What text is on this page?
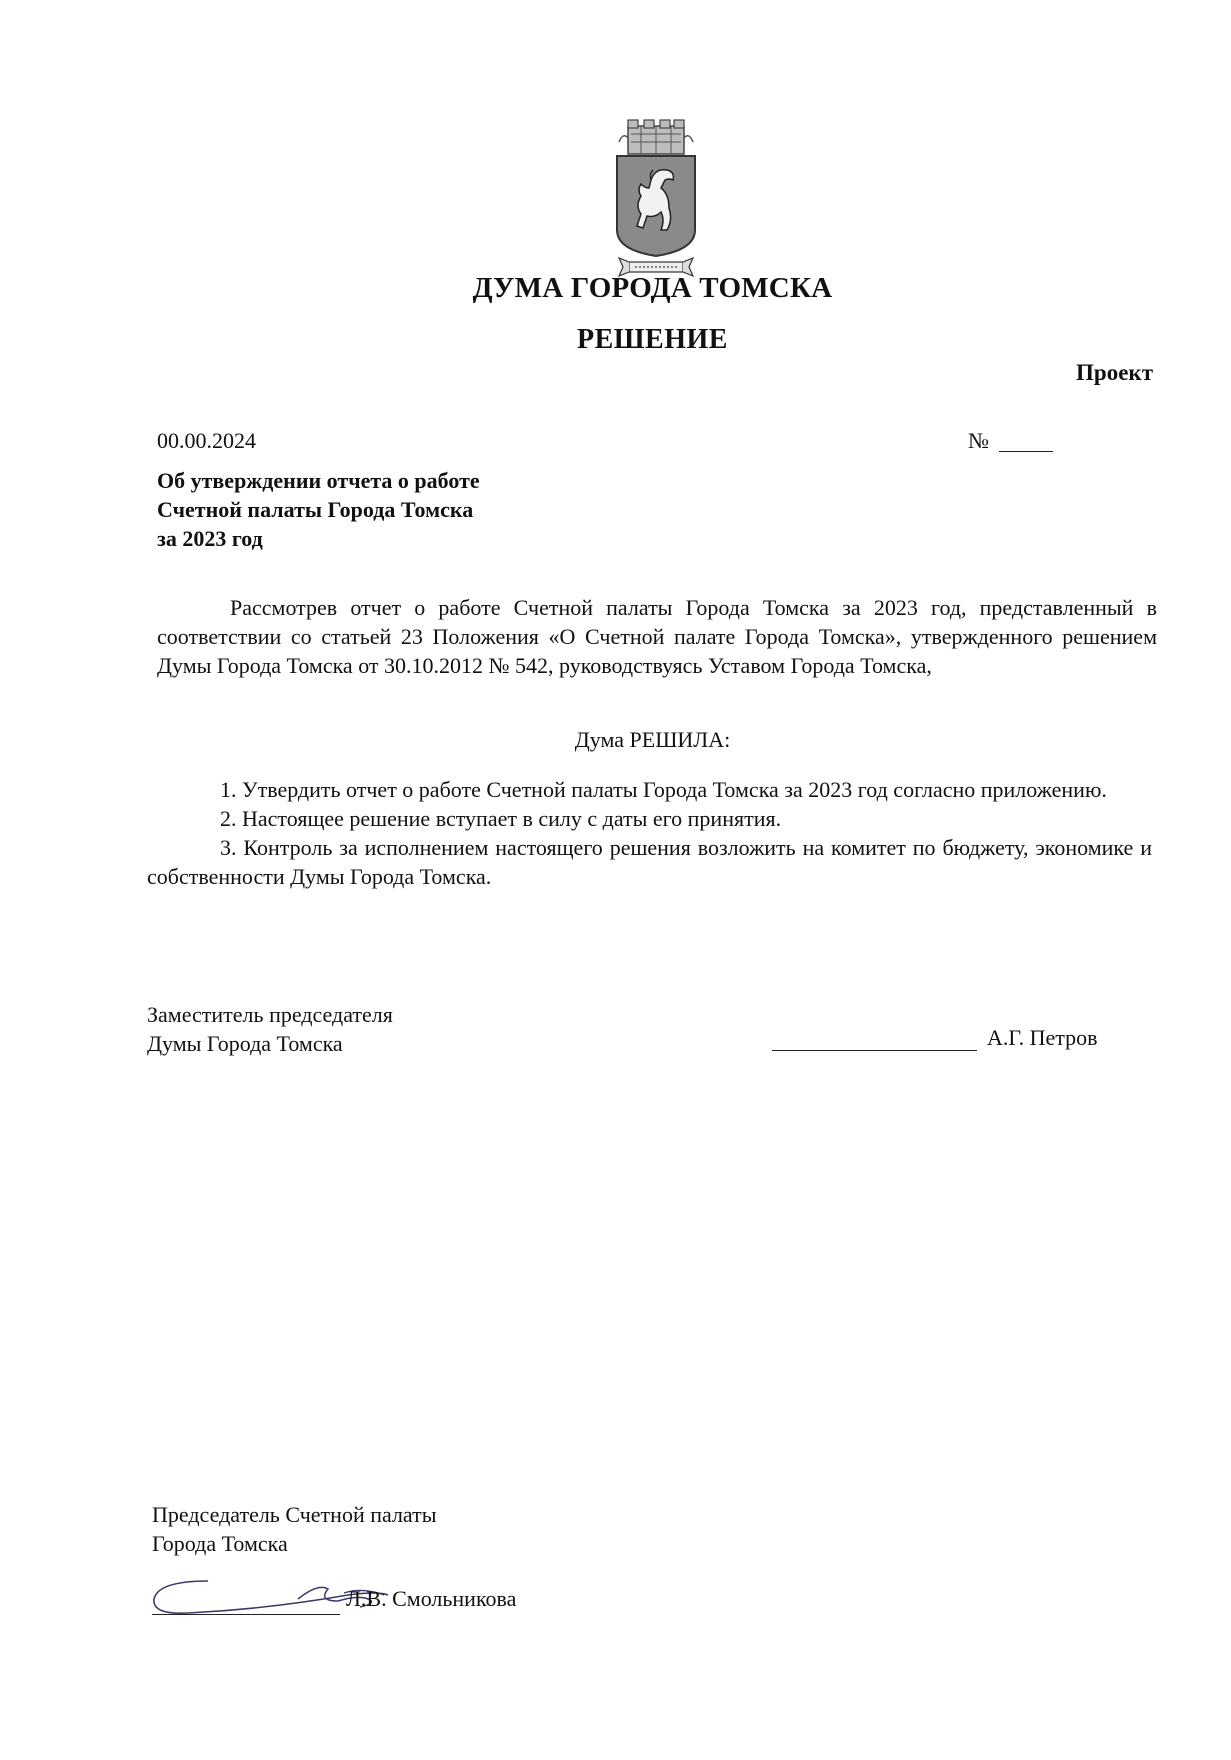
ДУМА ГОРОДА ТОМСКА
РЕШЕНИЕ
Проект
00.00.2024	№
Об утверждении отчета о работе
Счетной палаты Города Томска
за 2023 год
Рассмотрев отчет о работе Счетной палаты Города Томска за 2023 год, представленный в соответствии со статьей 23 Положения «О Счетной палате Города Томска», утвержденного решением Думы Города Томска от 30.10.2012 № 542, руководствуясь Уставом Города Томска,
Дума РЕШИЛА:

1. Утвердить отчет о работе Счетной палаты Города Томска за 2023 год согласно приложению.

2. Настоящее решение вступает в силу с даты его принятия.

3. Контроль за исполнением настоящего решения возложить на комитет по бюджету, экономике и собственности Думы Города Томска.

Заместитель председателя
Думы Города Томска	А.Г. Петров
Председатель Счетной палаты
Города Томска
Л.В. Смольникова
